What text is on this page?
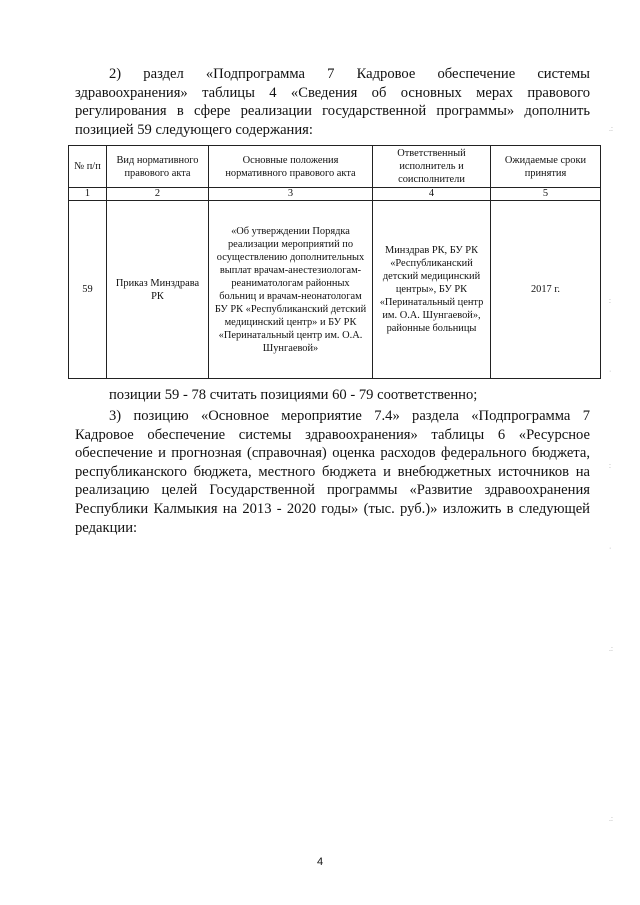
2) раздел «Подпрограмма 7 Кадровое обеспечение системы здравоохранения» таблицы 4 «Сведения об основных мерах правового регулирования в сфере реализации государственной программы» дополнить позицией 59 следующего содержания:

№ п/п	Вид нормативного правового акта	Основные положения нормативного правового акта	Ответственный исполнитель и соисполнители	Ожидаемые сроки принятия
1	2	3	4	5
59	Приказ Минздрава РК	«Об утверждении Порядка реализации мероприятий по осуществлению дополнительных выплат врачам-анестезиологам-реаниматологам районных больниц и врачам-неонатологам БУ РК «Республиканский детский медицинский центр» и БУ РК «Перинатальный центр им. О.А. Шунгаевой»	Минздрав РК, БУ РК «Республиканский детский медицинский центры», БУ РК «Перинатальный центр им. О.А. Шунгаевой», районные больницы	2017 г.

позиции 59 - 78 считать позициями 60 - 79 соответственно;

3) позицию «Основное мероприятие 7.4» раздела «Подпрограмма 7 Кадровое обеспечение системы здравоохранения» таблицы 6 «Ресурсное обеспечение и прогнозная (справочная) оценка расходов федерального бюджета, республиканского бюджета, местного бюджета и внебюджетных источников на реализацию целей Государственной программы «Развитие здравоохранения Республики Калмыкия на 2013 - 2020 годы» (тыс. руб.)» изложить в следующей редакции:

4
.:
:
·
:
·
.:
.:
